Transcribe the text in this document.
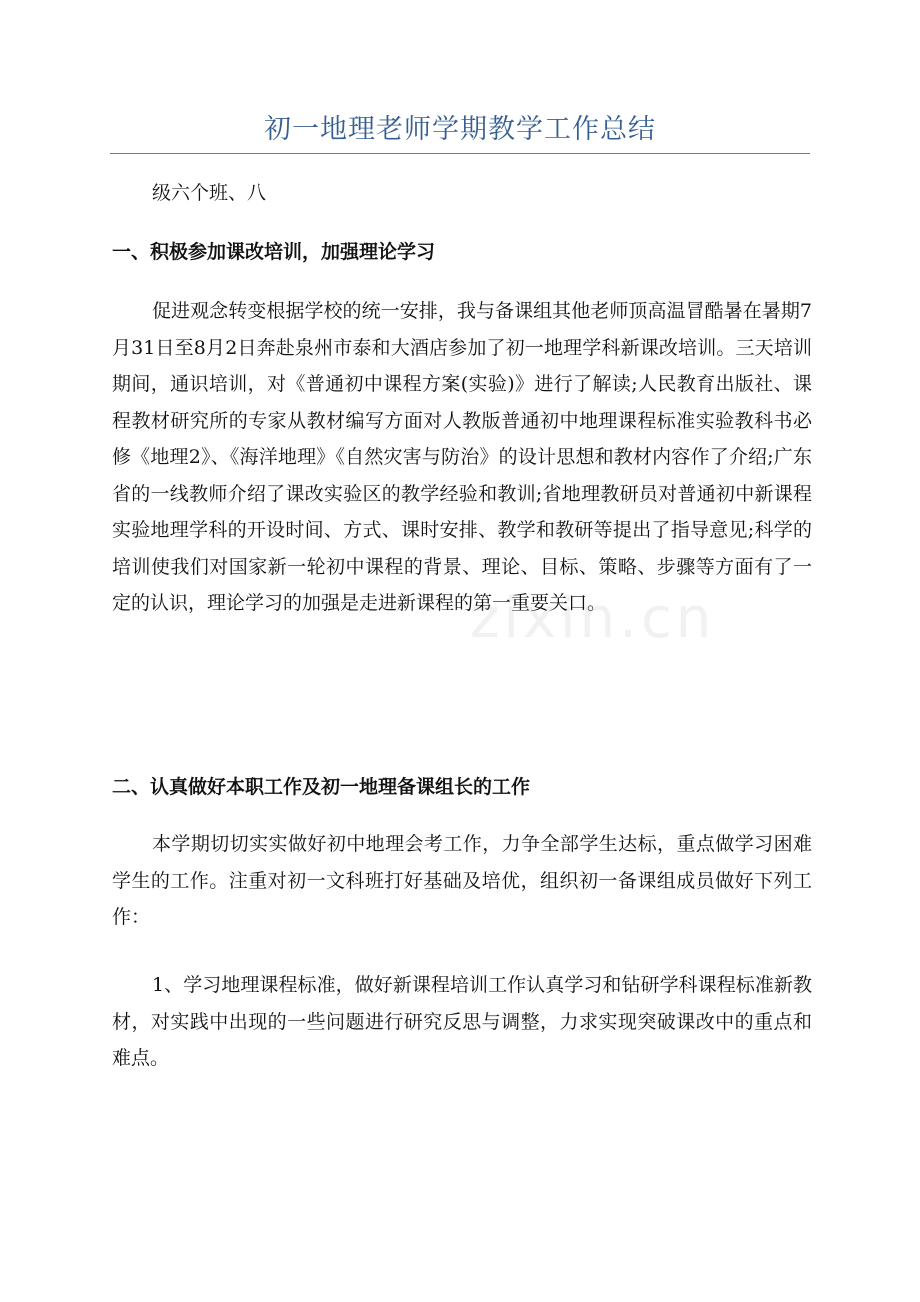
初一地理老师学期教学工作总结

级六个班、八

一、积极参加课改培训，加强理论学习

促进观念转变根据学校的统一安排，我与备课组其他老师顶高温冒酷暑在暑期7月31日至8月2日奔赴泉州市泰和大酒店参加了初一地理学科新课改培训。三天培训期间，通识培训，对《普通初中课程方案(实验)》进行了解读;人民教育出版社、课程教材研究所的专家从教材编写方面对人教版普通初中地理课程标准实验教科书必修《地理2》、《海洋地理》《自然灾害与防治》的设计思想和教材内容作了介绍;广东省的一线教师介绍了课改实验区的教学经验和教训;省地理教研员对普通初中新课程实验地理学科的开设时间、方式、课时安排、教学和教研等提出了指导意见;科学的培训使我们对国家新一轮初中课程的背景、理论、目标、策略、步骤等方面有了一定的认识，理论学习的加强是走进新课程的第一重要关口。

二、认真做好本职工作及初一地理备课组长的工作

本学期切切实实做好初中地理会考工作，力争全部学生达标，重点做学习困难学生的工作。注重对初一文科班打好基础及培优，组织初一备课组成员做好下列工作：

1、学习地理课程标准，做好新课程培训工作认真学习和钻研学科课程标准新教材，对实践中出现的一些问题进行研究反思与调整，力求实现突破课改中的重点和难点。

zixin.cn
